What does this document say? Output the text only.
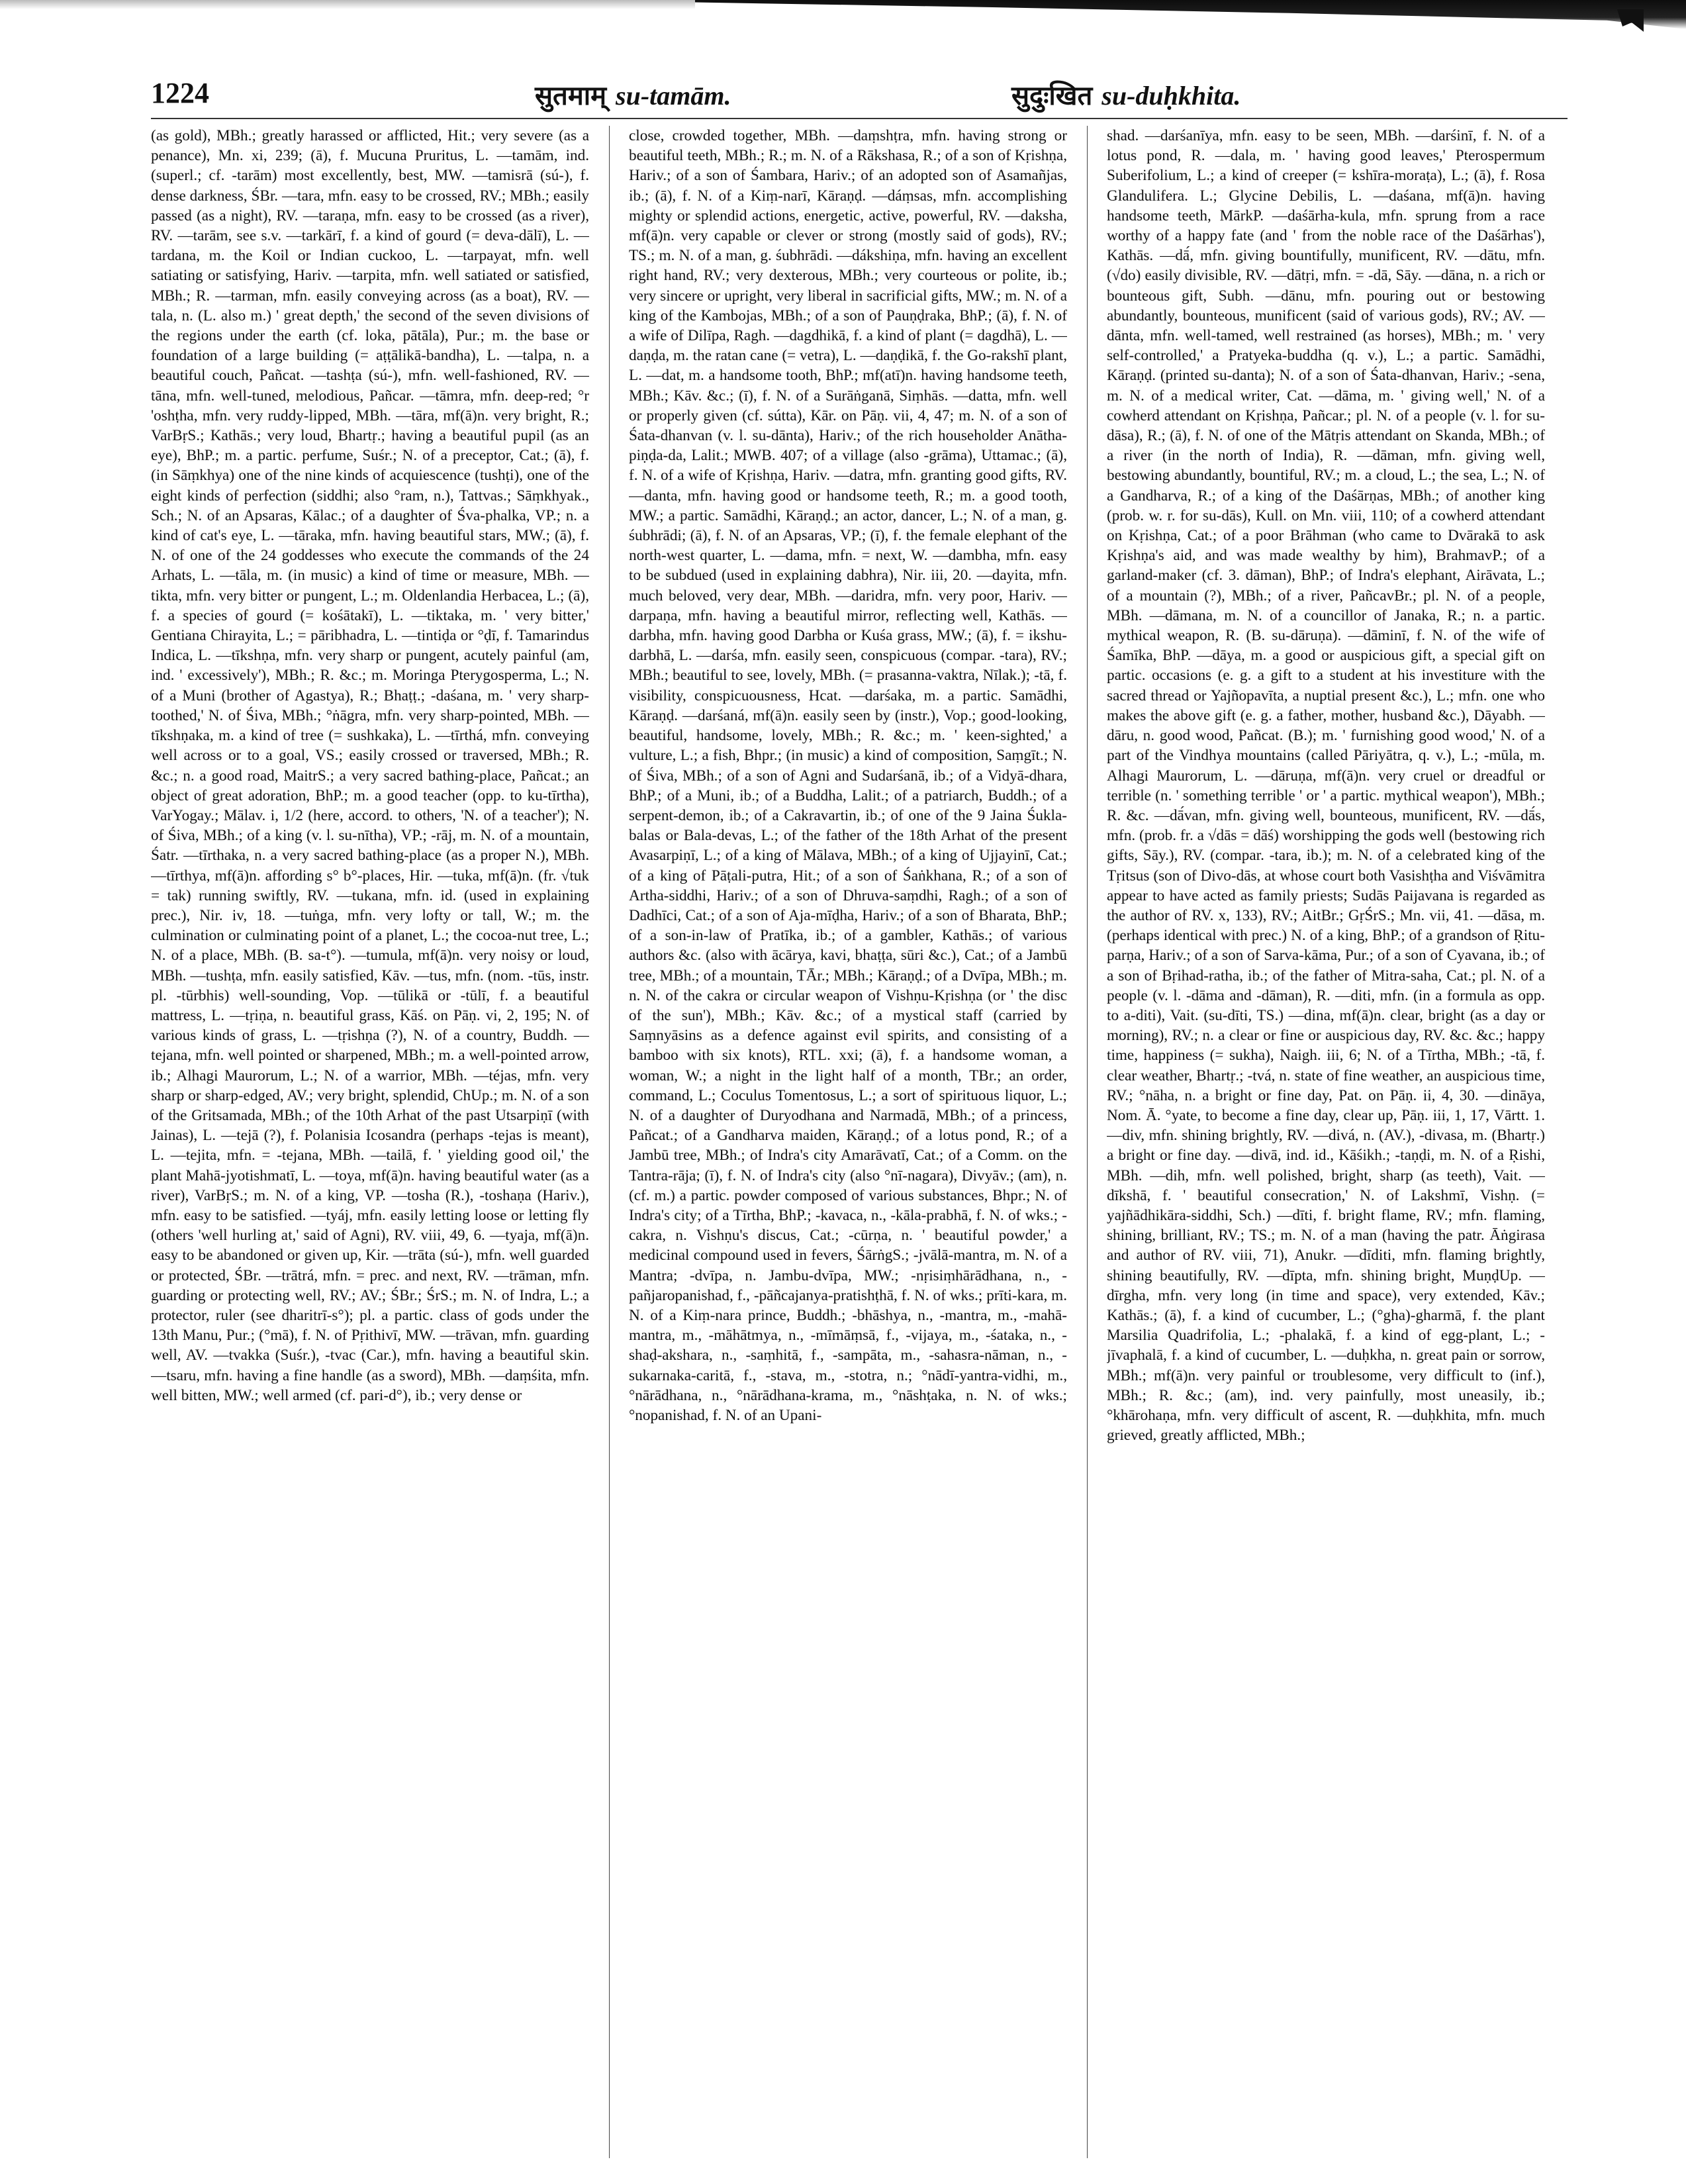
1224	सुतमाम् su-tamām.	सुदुःखित su-duḥkhita.
(as gold), MBh.; greatly harassed or afflicted, Hit.; very severe (as a penance), Mn. xi, 239; (ā), f. Mucuna Pruritus, L. —tamām, ind. (superl.; cf. -tarām) most excellently, best, MW. —tamisrā (sú-), f. dense darkness, ŚBr. —tara, mfn. easy to be crossed, RV.; MBh.; easily passed (as a night), RV. —taraṇa, mfn. easy to be crossed (as a river), RV. —tarām, see s.v. —tarkārī, f. a kind of gourd (= deva-dālī), L. —tardana, m. the Koil or Indian cuckoo, L. —tarpayat, mfn. well satiating or satisfying, Hariv. —tarpita, mfn. well satiated or satisfied, MBh.; R. —tarman, mfn. easily conveying across (as a boat), RV. —tala, n. (L. also m.) ' great depth,' the second of the seven divisions of the regions under the earth (cf. loka, pātāla), Pur.; m. the base or foundation of a large building (= aṭṭālikā-bandha), L. —talpa, n. a beautiful couch, Pañcat. —tashṭa (sú-), mfn. well-fashioned, RV. —tāna, mfn. well-tuned, melodious, Pañcar. —tāmra, mfn. deep-red; °r 'oshṭha, mfn. very ruddy-lipped, MBh. —tāra, mf(ā)n. very bright, R.; VarBṛS.; Kathās.; very loud, Bhartṛ.; having a beautiful pupil (as an eye), BhP.; m. a partic. perfume, Suśr.; N. of a preceptor, Cat.; (ā), f. (in Sāṃkhya) one of the nine kinds of acquiescence (tushṭi), one of the eight kinds of perfection (siddhi; also °ram, n.), Tattvas.; Sāṃkhyak., Sch.; N. of an Apsaras, Kālac.; of a daughter of Śva-phalka, VP.; n. a kind of cat's eye, L. —tāraka, mfn. having beautiful stars, MW.; (ā), f. N. of one of the 24 goddesses who execute the commands of the 24 Arhats, L. —tāla, m. (in music) a kind of time or measure, MBh. —tikta, mfn. very bitter or pungent, L.; m. Oldenlandia Herbacea, L.; (ā), f. a species of gourd (= kośātakī), L. —tiktaka, m. ' very bitter,' Gentiana Chirayita, L.; = pāribhadra, L. —tintiḍa or °ḍī, f. Tamarindus Indica, L. —tīkshṇa, mfn. very sharp or pungent, acutely painful (am, ind. ' excessively'), MBh.; R. &c.; m. Moringa Pterygosperma, L.; N. of a Muni (brother of Agastya), R.; Bhaṭṭ.; -daśana, m. ' very sharp-toothed,' N. of Śiva, MBh.; °ṅāgra, mfn. very sharp-pointed, MBh. —tīkshṇaka, m. a kind of tree (= sushkaka), L. —tīrthá, mfn. conveying well across or to a goal, VS.; easily crossed or traversed, MBh.; R. &c.; n. a good road, MaitrS.; a very sacred bathing-place, Pañcat.; an object of great adoration, BhP.; m. a good teacher (opp. to ku-tīrtha), VarYogay.; Mālav. i, 1/2 (here, accord. to others, 'N. of a teacher'); N. of Śiva, MBh.; of a king (v. l. su-nītha), VP.; -rāj, m. N. of a mountain, Śatr. —tīrthaka, n. a very sacred bathing-place (as a proper N.), MBh. —tīrthya, mf(ā)n. affording s° b°-places, Hir. —tuka, mf(ā)n. (fr. √tuk = tak) running swiftly, RV. —tukana, mfn. id. (used in explaining prec.), Nir. iv, 18. —tuṅga, mfn. very lofty or tall, W.; m. the culmination or culminating point of a planet, L.; the cocoa-nut tree, L.; N. of a place, MBh. (B. sa-t°). —tumula, mf(ā)n. very noisy or loud, MBh. —tushṭa, mfn. easily satisfied, Kāv. —tus, mfn. (nom. -tūs, instr. pl. -tūrbhis) well-sounding, Vop. —tūlikā or -tūlī, f. a beautiful mattress, L. —tṛiṇa, n. beautiful grass, Kāś. on Pāṇ. vi, 2, 195; N. of various kinds of grass, L. —tṛishṇa (?), N. of a country, Buddh. —tejana, mfn. well pointed or sharpened, MBh.; m. a well-pointed arrow, ib.; Alhagi Maurorum, L.; N. of a warrior, MBh. —téjas, mfn. very sharp or sharp-edged, AV.; very bright, splendid, ChUp.; m. N. of a son of the Gritsamada, MBh.; of the 10th Arhat of the past Utsarpiṇī (with Jainas), L. —tejā (?), f. Polanisia Icosandra (perhaps -tejas is meant), L. —tejita, mfn. = -tejana, MBh. —tailā, f. ' yielding good oil,' the plant Mahā-jyotishmatī, L. —toya, mf(ā)n. having beautiful water (as a river), VarBṛS.; m. N. of a king, VP. —tosha (R.), -toshaṇa (Hariv.), mfn. easy to be satisfied. —tyáj, mfn. easily letting loose or letting fly (others 'well hurling at,' said of Agni), RV. viii, 49, 6. —tyaja, mf(ā)n. easy to be abandoned or given up, Kir. —trāta (sú-), mfn. well guarded or protected, ŚBr. —trātrá, mfn. = prec. and next, RV. —trāman, mfn. guarding or protecting well, RV.; AV.; ŚBr.; ŚrS.; m. N. of Indra, L.; a protector, ruler (see dharitrī-s°); pl. a partic. class of gods under the 13th Manu, Pur.; (°mā), f. N. of Pṛithivī, MW. —trāvan, mfn. guarding well, AV. —tvakka (Suśr.), -tvac (Car.), mfn. having a beautiful skin. —tsaru, mfn. having a fine handle (as a sword), MBh. —daṃśita, mfn. well bitten, MW.; well armed (cf. pari-d°), ib.; very dense or
close, crowded together, MBh. —daṃshṭra, mfn. having strong or beautiful teeth, MBh.; R.; m. N. of a Rākshasa, R.; of a son of Kṛishṇa, Hariv.; of a son of Śambara, Hariv.; of an adopted son of Asamañjas, ib.; (ā), f. N. of a Kiṃ-narī, Kāraṇḍ. —dáṃsas, mfn. accomplishing mighty or splendid actions, energetic, active, powerful, RV. —daksha, mf(ā)n. very capable or clever or strong (mostly said of gods), RV.; TS.; m. N. of a man, g. śubhrādi. —dákshiṇa, mfn. having an excellent right hand, RV.; very dexterous, MBh.; very courteous or polite, ib.; very sincere or upright, very liberal in sacrificial gifts, MW.; m. N. of a king of the Kambojas, MBh.; of a son of Pauṇḍraka, BhP.; (ā), f. N. of a wife of Dilīpa, Ragh. —dagdhikā, f. a kind of plant (= dagdhā), L. —daṇḍa, m. the ratan cane (= vetra), L. —daṇḍikā, f. the Go-rakshī plant, L. —dat, m. a handsome tooth, BhP.; mf(atī)n. having handsome teeth, MBh.; Kāv. &c.; (ī), f. N. of a Surāṅganā, Siṃhās. —datta, mfn. well or properly given (cf. sútta), Kār. on Pāṇ. vii, 4, 47; m. N. of a son of Śata-dhanvan (v. l. su-dānta), Hariv.; of the rich householder Anātha-piṇḍa-da, Lalit.; MWB. 407; of a village (also -grāma), Uttamac.; (ā), f. N. of a wife of Kṛishṇa, Hariv. —datra, mfn. granting good gifts, RV. —danta, mfn. having good or handsome teeth, R.; m. a good tooth, MW.; a partic. Samādhi, Kāraṇḍ.; an actor, dancer, L.; N. of a man, g. śubhrādi; (ā), f. N. of an Apsaras, VP.; (ī), f. the female elephant of the north-west quarter, L. —dama, mfn. = next, W. —dambha, mfn. easy to be subdued (used in explaining dabhra), Nir. iii, 20. —dayita, mfn. much beloved, very dear, MBh. —daridra, mfn. very poor, Hariv. —darpaṇa, mfn. having a beautiful mirror, reflecting well, Kathās. —darbha, mfn. having good Darbha or Kuśa grass, MW.; (ā), f. = ikshu-darbhā, L. —darśa, mfn. easily seen, conspicuous (compar. -tara), RV.; MBh.; beautiful to see, lovely, MBh. (= prasanna-vaktra, Nīlak.); -tā, f. visibility, conspicuousness, Hcat. —darśaka, m. a partic. Samādhi, Kāraṇḍ. —darśaná, mf(ā)n. easily seen by (instr.), Vop.; good-looking, beautiful, handsome, lovely, MBh.; R. &c.; m. ' keen-sighted,' a vulture, L.; a fish, Bhpr.; (in music) a kind of composition, Saṃgīt.; N. of Śiva, MBh.; of a son of Agni and Sudarśanā, ib.; of a Vidyā-dhara, BhP.; of a Muni, ib.; of a Buddha, Lalit.; of a patriarch, Buddh.; of a serpent-demon, ib.; of a Cakravartin, ib.; of one of the 9 Jaina Śukla-balas or Bala-devas, L.; of the father of the 18th Arhat of the present Avasarpiṇī, L.; of a king of Mālava, MBh.; of a king of Ujjayinī, Cat.; of a king of Pāṭali-putra, Hit.; of a son of Śaṅkhana, R.; of a son of Artha-siddhi, Hariv.; of a son of Dhruva-saṃdhi, Ragh.; of a son of Dadhīci, Cat.; of a son of Aja-mīḍha, Hariv.; of a son of Bharata, BhP.; of a son-in-law of Pratīka, ib.; of a gambler, Kathās.; of various authors &c. (also with ācārya, kavi, bhaṭṭa, sūri &c.), Cat.; of a Jambū tree, MBh.; of a mountain, TĀr.; MBh.; Kāraṇḍ.; of a Dvīpa, MBh.; m. n. N. of the cakra or circular weapon of Vishṇu-Kṛishṇa (or ' the disc of the sun'), MBh.; Kāv. &c.; of a mystical staff (carried by Saṃnyāsins as a defence against evil spirits, and consisting of a bamboo with six knots), RTL. xxi; (ā), f. a handsome woman, a woman, W.; a night in the light half of a month, TBr.; an order, command, L.; Coculus Tomentosus, L.; a sort of spirituous liquor, L.; N. of a daughter of Duryodhana and Narmadā, MBh.; of a princess, Pañcat.; of a Gandharva maiden, Kāraṇḍ.; of a lotus pond, R.; of a Jambū tree, MBh.; of Indra's city Amarāvatī, Cat.; of a Comm. on the Tantra-rāja; (ī), f. N. of Indra's city (also °nī-nagara), Divyāv.; (am), n. (cf. m.) a partic. powder composed of various substances, Bhpr.; N. of Indra's city; of a Tīrtha, BhP.; -kavaca, n., -kāla-prabhā, f. N. of wks.; -cakra, n. Vishṇu's discus, Cat.; -cūrṇa, n. ' beautiful powder,' a medicinal compound used in fevers, ŚārṅgS.; -jvālā-mantra, m. N. of a Mantra; -dvīpa, n. Jambu-dvīpa, MW.; -nṛisiṃhārādhana, n., -pañjaropanishad, f., -pāñcajanya-pratishṭhā, f. N. of wks.; prīti-kara, m. N. of a Kiṃ-nara prince, Buddh.; -bhāshya, n., -mantra, m., -mahā-mantra, m., -māhātmya, n., -mīmāṃsā, f., -vijaya, m., -śataka, n., -shaḍ-akshara, n., -saṃhitā, f., -sampāta, m., -sahasra-nāman, n., -sukarnaka-caritā, f., -stava, m., -stotra, n.; °nādī-yantra-vidhi, m., °nārādhana, n., °nārādhana-krama, m., °nāshṭaka, n. N. of wks.; °nopanishad, f. N. of an Upani-
shad. —darśanīya, mfn. easy to be seen, MBh. —darśinī, f. N. of a lotus pond, R. —dala, m. ' having good leaves,' Pterospermum Suberifolium, L.; a kind of creeper (= kshīra-moraṭa), L.; (ā), f. Rosa Glandulifera. L.; Glycine Debilis, L. —daśana, mf(ā)n. having handsome teeth, MārkP. —daśārha-kula, mfn. sprung from a race worthy of a happy fate (and ' from the noble race of the Daśārhas'), Kathās. —dā́, mfn. giving bountifully, munificent, RV. —dātu, mfn. (√do) easily divisible, RV. —dātṛi, mfn. = -dā, Sāy. —dāna, n. a rich or bounteous gift, Subh. —dānu, mfn. pouring out or bestowing abundantly, bounteous, munificent (said of various gods), RV.; AV. —dānta, mfn. well-tamed, well restrained (as horses), MBh.; m. ' very self-controlled,' a Pratyeka-buddha (q. v.), L.; a partic. Samādhi, Kāraṇḍ. (printed su-danta); N. of a son of Śata-dhanvan, Hariv.; -sena, m. N. of a medical writer, Cat. —dāma, m. ' giving well,' N. of a cowherd attendant on Kṛishṇa, Pañcar.; pl. N. of a people (v. l. for su-dāsa), R.; (ā), f. N. of one of the Mātṛis attendant on Skanda, MBh.; of a river (in the north of India), R. —dāman, mfn. giving well, bestowing abundantly, bountiful, RV.; m. a cloud, L.; the sea, L.; N. of a Gandharva, R.; of a king of the Daśārṇas, MBh.; of another king (prob. w. r. for su-dās), Kull. on Mn. viii, 110; of a cowherd attendant on Kṛishṇa, Cat.; of a poor Brāhman (who came to Dvārakā to ask Kṛishṇa's aid, and was made wealthy by him), BrahmavP.; of a garland-maker (cf. 3. dāman), BhP.; of Indra's elephant, Airāvata, L.; of a mountain (?), MBh.; of a river, PañcavBr.; pl. N. of a people, MBh. —dāmana, m. N. of a councillor of Janaka, R.; n. a partic. mythical weapon, R. (B. su-dāruṇa). —dāminī, f. N. of the wife of Śamīka, BhP. —dāya, m. a good or auspicious gift, a special gift on partic. occasions (e. g. a gift to a student at his investiture with the sacred thread or Yajñopavīta, a nuptial present &c.), L.; mfn. one who makes the above gift (e. g. a father, mother, husband &c.), Dāyabh. —dāru, n. good wood, Pañcat. (B.); m. ' furnishing good wood,' N. of a part of the Vindhya mountains (called Pāriyātra, q. v.), L.; -mūla, m. Alhagi Maurorum, L. —dāruṇa, mf(ā)n. very cruel or dreadful or terrible (n. ' something terrible ' or ' a partic. mythical weapon'), MBh.; R. &c. —dā́van, mfn. giving well, bounteous, munificent, RV. —dā́s, mfn. (prob. fr. a √dās = dāś) worshipping the gods well (bestowing rich gifts, Sāy.), RV. (compar. -tara, ib.); m. N. of a celebrated king of the Tṛitsus (son of Divo-dās, at whose court both Vasishṭha and Viśvāmitra appear to have acted as family priests; Sudās Paijavana is regarded as the author of RV. x, 133), RV.; AitBr.; GṛŚrS.; Mn. vii, 41. —dāsa, m. (perhaps identical with prec.) N. of a king, BhP.; of a grandson of Ṛitu-parṇa, Hariv.; of a son of Sarva-kāma, Pur.; of a son of Cyavana, ib.; of a son of Bṛihad-ratha, ib.; of the father of Mitra-saha, Cat.; pl. N. of a people (v. l. -dāma and -dāman), R. —diti, mfn. (in a formula as opp. to a-diti), Vait. (su-dīti, TS.) —dina, mf(ā)n. clear, bright (as a day or morning), RV.; n. a clear or fine or auspicious day, RV. &c. &c.; happy time, happiness (= sukha), Naigh. iii, 6; N. of a Tīrtha, MBh.; -tā, f. clear weather, Bhartṛ.; -tvá, n. state of fine weather, an auspicious time, RV.; °nāha, n. a bright or fine day, Pat. on Pāṇ. ii, 4, 30. —dināya, Nom. Ā. °yate, to become a fine day, clear up, Pāṇ. iii, 1, 17, Vārtt. 1. —div, mfn. shining brightly, RV. —divá, n. (AV.), -divasa, m. (Bhartṛ.) a bright or fine day. —divā, ind. id., Kāśikh.; -taṇḍi, m. N. of a Ṛishi, MBh. —dih, mfn. well polished, bright, sharp (as teeth), Vait. —dīkshā, f. ' beautiful consecration,' N. of Lakshmī, Vishṇ. (= yajñādhikāra-siddhi, Sch.) —dīti, f. bright flame, RV.; mfn. flaming, shining, brilliant, RV.; TS.; m. N. of a man (having the patr. Āṅgirasa and author of RV. viii, 71), Anukr. —dīditi, mfn. flaming brightly, shining beautifully, RV. —dīpta, mfn. shining bright, MuṇḍUp. —dīrgha, mfn. very long (in time and space), very extended, Kāv.; Kathās.; (ā), f. a kind of cucumber, L.; (°gha)-gharmā, f. the plant Marsilia Quadrifolia, L.; -phalakā, f. a kind of egg-plant, L.; -jīvaphalā, f. a kind of cucumber, L. —duḥkha, n. great pain or sorrow, MBh.; mf(ā)n. very painful or troublesome, very difficult to (inf.), MBh.; R. &c.; (am), ind. very painfully, most uneasily, ib.; °khārohaṇa, mfn. very difficult of ascent, R. —duḥkhita, mfn. much grieved, greatly afflicted, MBh.;
